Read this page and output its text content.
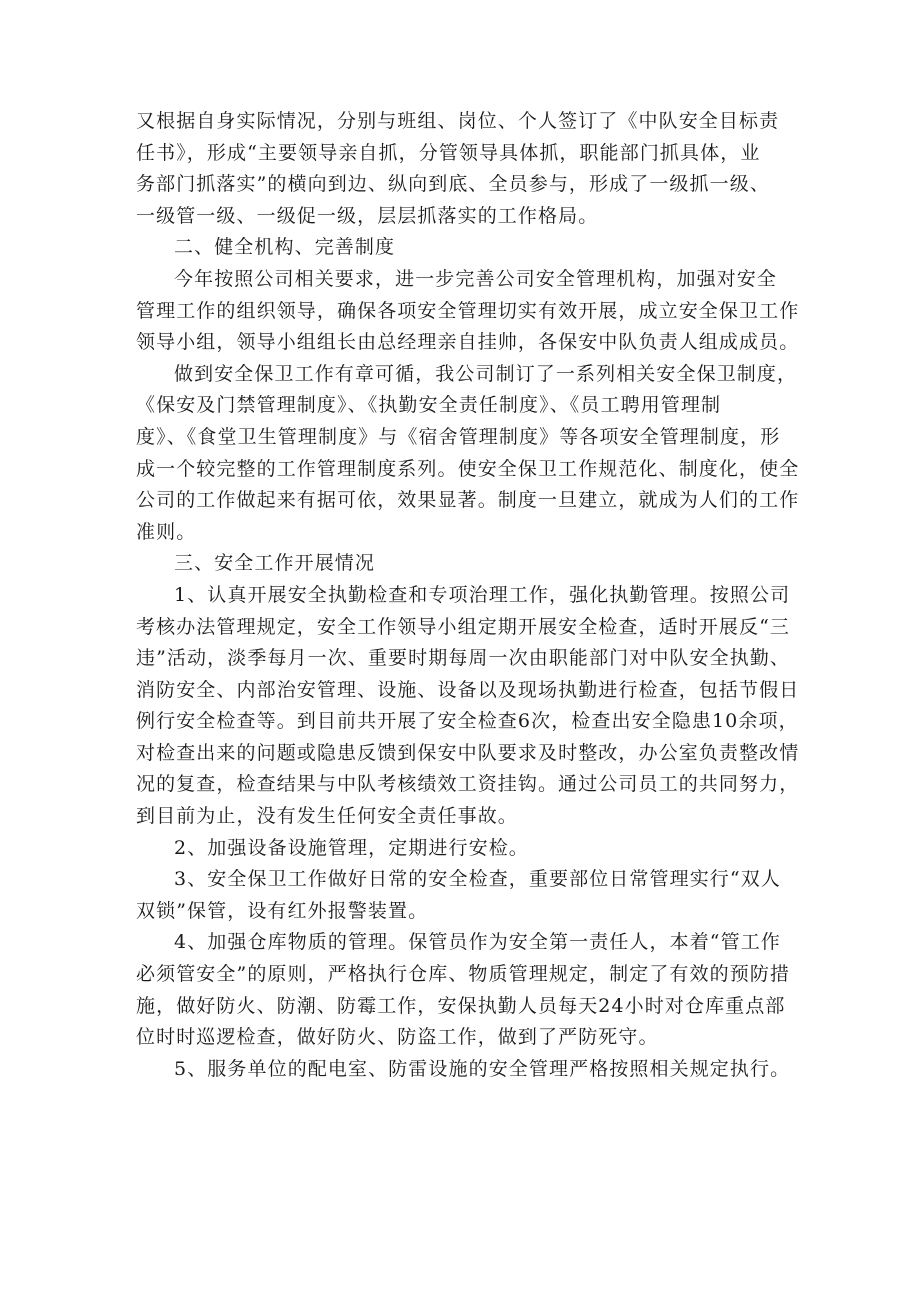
又根据自身实际情况，分别与班组、岗位、个人签订了《中队安全目标责
任书》，形成“主要领导亲自抓，分管领导具体抓，职能部门抓具体，业
务部门抓落实”的横向到边、纵向到底、全员参与，形成了一级抓一级、
一级管一级、一级促一级，层层抓落实的工作格局。
二、健全机构、完善制度
今年按照公司相关要求，进一步完善公司安全管理机构，加强对安全
管理工作的组织领导，确保各项安全管理切实有效开展，成立安全保卫工作
领导小组，领导小组组长由总经理亲自挂帅，各保安中队负责人组成成员。
做到安全保卫工作有章可循，我公司制订了一系列相关安全保卫制度，
《保安及门禁管理制度》、《执勤安全责任制度》、《员工聘用管理制
度》、《食堂卫生管理制度》与《宿舍管理制度》等各项安全管理制度，形
成一个较完整的工作管理制度系列。使安全保卫工作规范化、制度化，使全
公司的工作做起来有据可依，效果显著。制度一旦建立，就成为人们的工作
准则。
三、安全工作开展情况
1、认真开展安全执勤检查和专项治理工作，强化执勤管理。按照公司
考核办法管理规定，安全工作领导小组定期开展安全检查，适时开展反“三
违”活动，淡季每月一次、重要时期每周一次由职能部门对中队安全执勤、
消防安全、内部治安管理、设施、设备以及现场执勤进行检查，包括节假日
例行安全检查等。到目前共开展了安全检查6次，检查出安全隐患10余项，
对检查出来的问题或隐患反馈到保安中队要求及时整改，办公室负责整改情
况的复查，检查结果与中队考核绩效工资挂钩。通过公司员工的共同努力，
到目前为止，没有发生任何安全责任事故。
2、加强设备设施管理，定期进行安检。
3、安全保卫工作做好日常的安全检查，重要部位日常管理实行“双人
双锁”保管，设有红外报警装置。
4、加强仓库物质的管理。保管员作为安全第一责任人，本着“管工作
必须管安全”的原则，严格执行仓库、物质管理规定，制定了有效的预防措
施，做好防火、防潮、防霉工作，安保执勤人员每天24小时对仓库重点部
位时时巡逻检查，做好防火、防盗工作，做到了严防死守。
5、服务单位的配电室、防雷设施的安全管理严格按照相关规定执行。
